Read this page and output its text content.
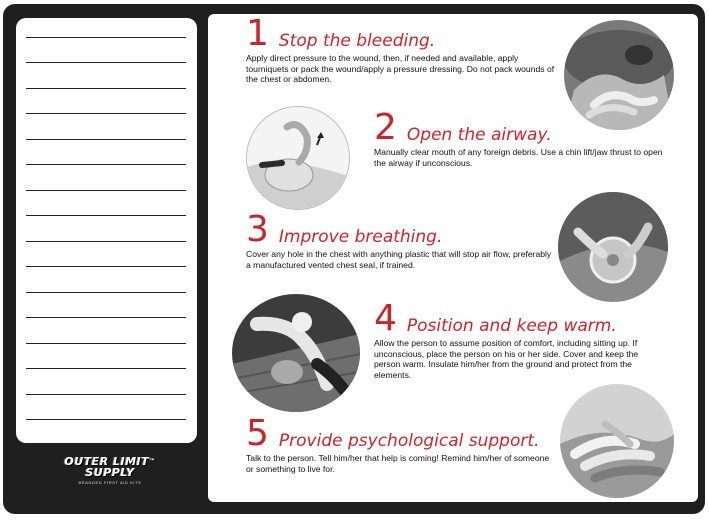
OUTER LIMIT™
SUPPLY
BRANDED FIRST AID KITS
1 Stop the bleeding.
Apply direct pressure to the wound, then, if needed and available, apply tourniquets or pack the wound/apply a pressure dressing. Do not pack wounds of the chest or abdomen.
2 Open the airway.
Manually clear mouth of any foreign debris. Use a chin lift/jaw thrust to open the airway if unconscious.
3 Improve breathing.
Cover any hole in the chest with anything plastic that will stop air flow, preferably a manufactured vented chest seal, if trained.
4 Position and keep warm.
Allow the person to assume position of comfort, including sitting up. If unconscious, place the person on his or her side. Cover and keep the person warm. Insulate him/her from the ground and protect from the elements.
5 Provide psychological support.
Talk to the person. Tell him/her that help is coming! Remind him/her of someone or something to live for.
